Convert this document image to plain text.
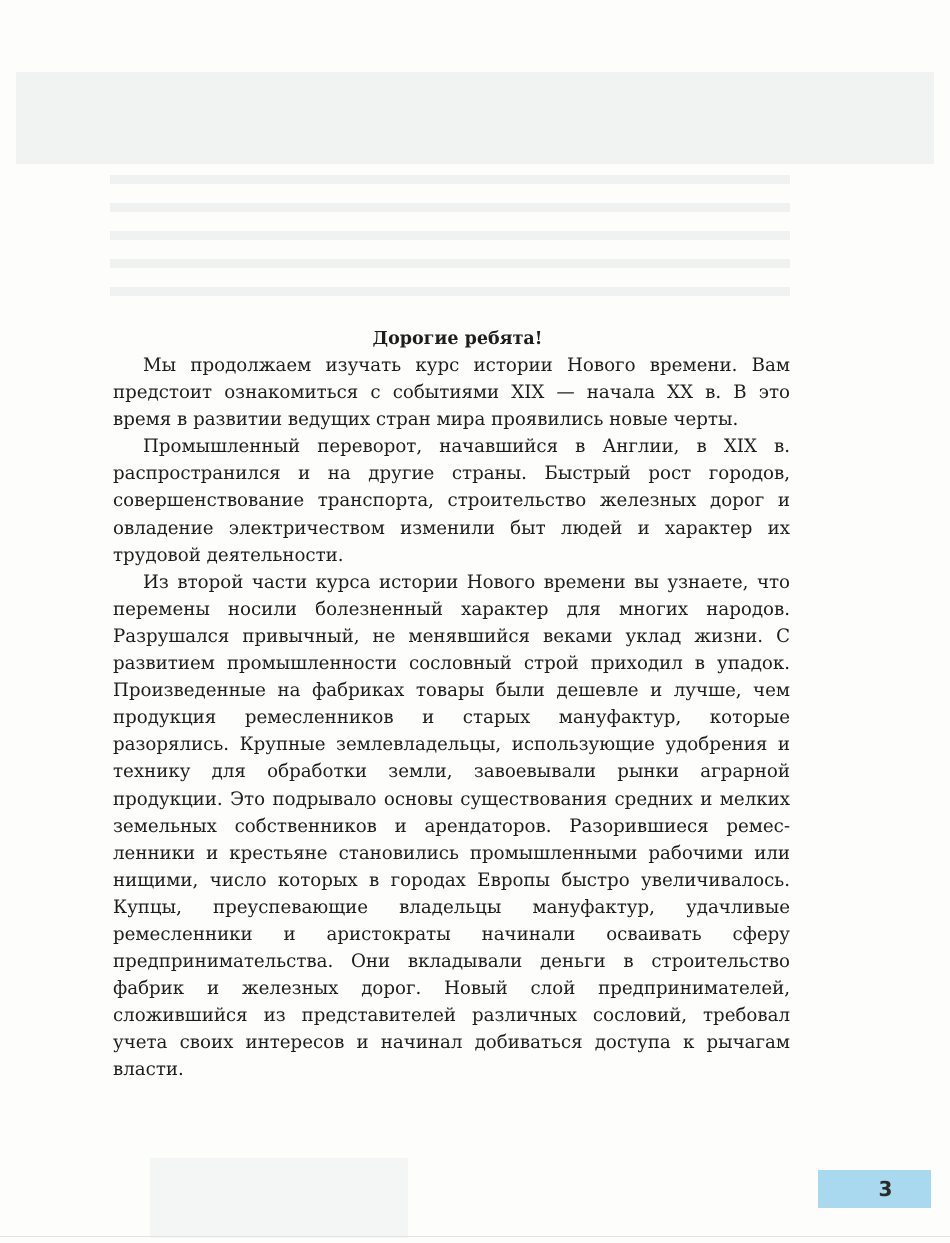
Дорогие ребята!

Мы продолжаем изучать курс истории Нового времени. Вам предстоит ознакомиться с событиями XIX — начала XX в. В это время в развитии ведущих стран мира проявились новые черты.

Промышленный переворот, начавшийся в Англии, в XIX в. распространился и на другие страны. Быстрый рост городов, совершенствование транспорта, строительство железных дорог и овладение электричеством изменили быт людей и характер их трудовой деятельности.

Из второй части курса истории Нового времени вы узнаете, что перемены носили болезненный характер для многих народов. Разрушался привычный, не менявшийся веками уклад жизни. С развитием промышленности сословный строй приходил в упадок. Произведенные на фабриках товары были дешевле и лучше, чем продукция ремесленников и старых мануфактур, которые разорялись. Крупные землевладельцы, использующие удобрения и технику для обработки земли, завоевывали рынки аграрной продукции. Это подрывало основы существования средних и мелких земельных собственников и арендаторов. Разорившиеся ремесленники и крестьяне становились промышленными рабочими или нищими, число которых в городах Европы быстро увеличивалось. Купцы, преуспевающие владельцы мануфактур, удачливые ремесленники и аристократы начинали осваивать сферу предпринимательства. Они вкладывали деньги в строительство фабрик и железных дорог. Новый слой предпринимателей, сложившийся из представителей различных сословий, требовал учета своих интересов и начинал добиваться доступа к рычагам власти.

3
